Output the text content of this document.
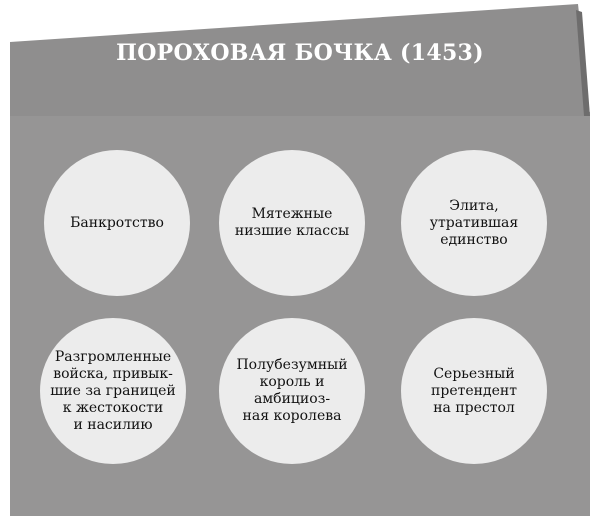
ПОРОХОВАЯ БОЧКА (1453)
Банкротство
Мятежные
низшие классы
Элита, утратившая
единство
Разгромленные
войска, привык-
шие за границей
к жестокости
и насилию
Полубезумный
король и амбициоз-
ная королева
Серьезный
претендент
на престол
